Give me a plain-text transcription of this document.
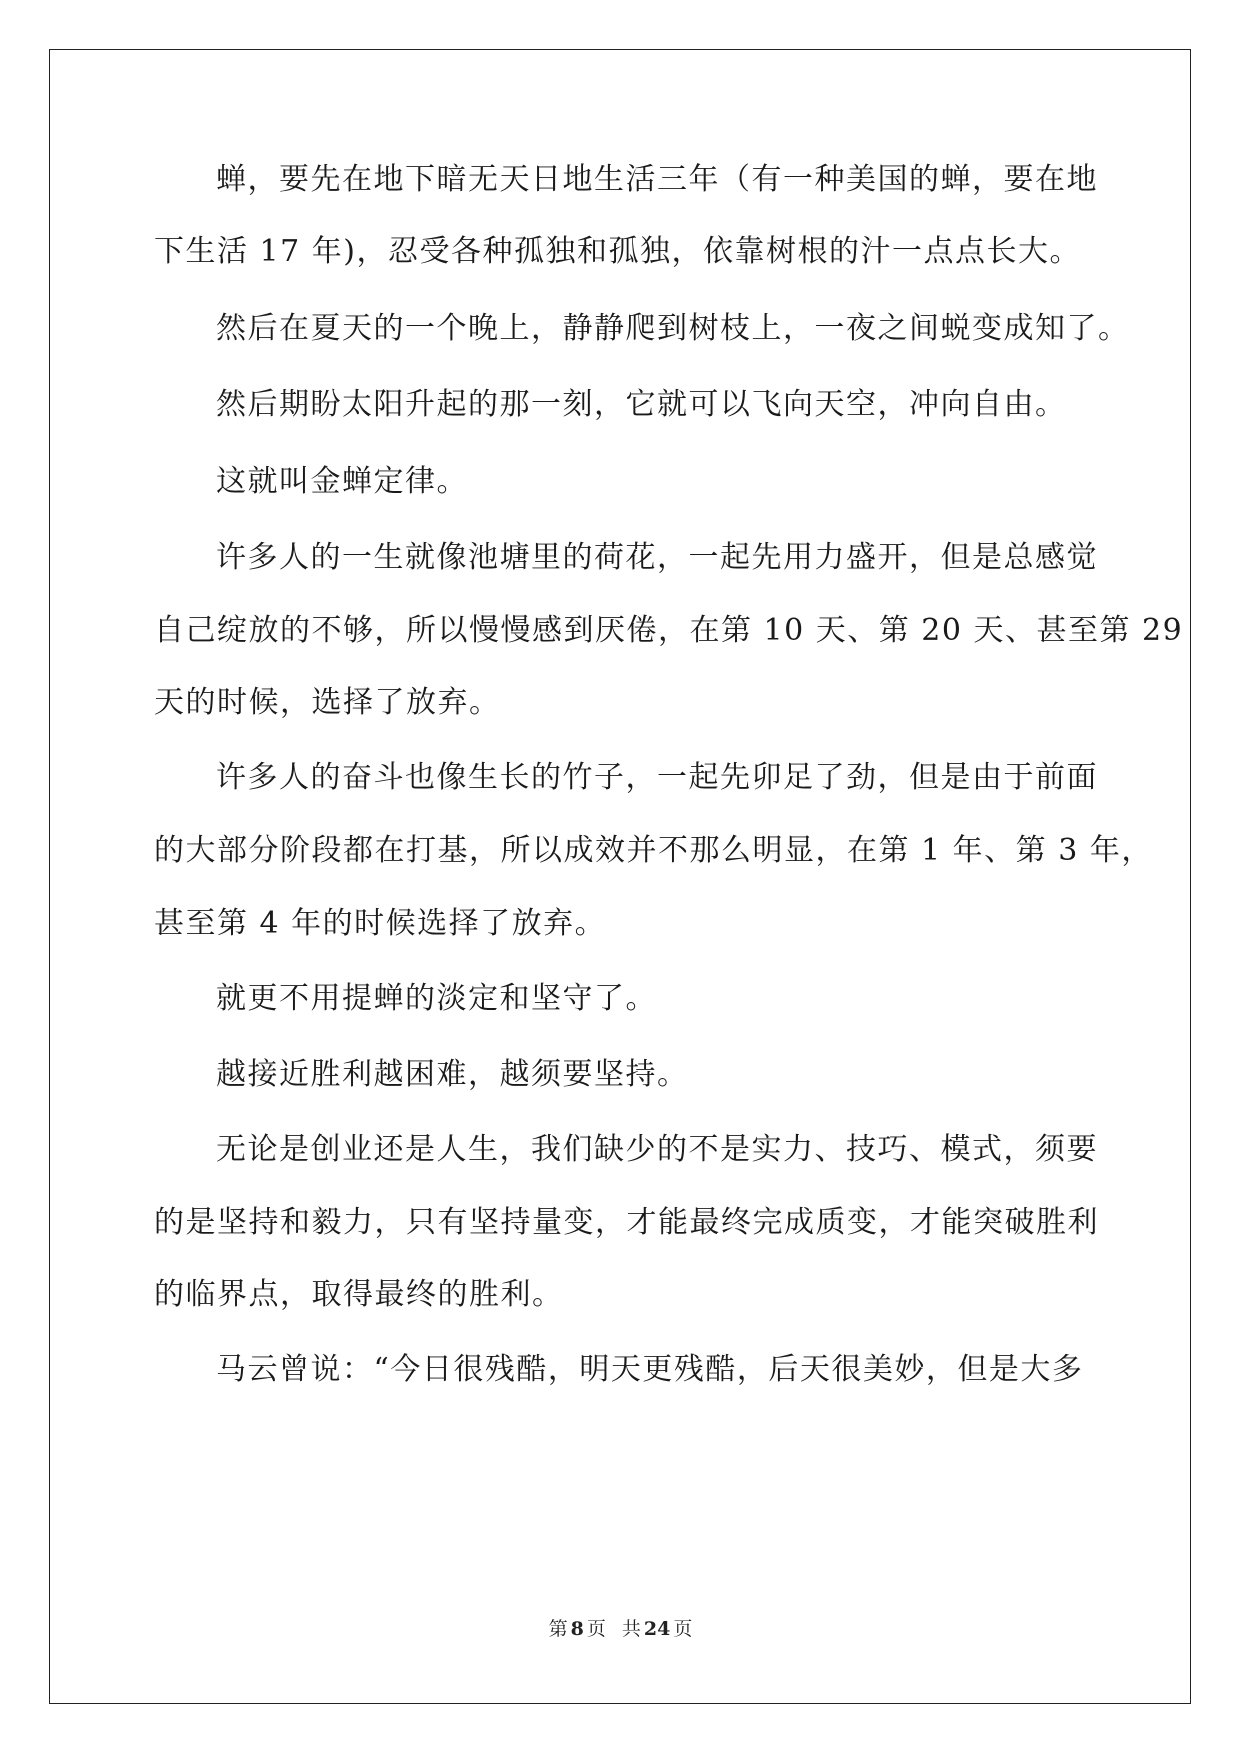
蝉，要先在地下暗无天日地生活三年（有一种美国的蝉，要在地
下生活 17 年)，忍受各种孤独和孤独，依靠树根的汁一点点长大。
然后在夏天的一个晚上，静静爬到树枝上，一夜之间蜕变成知了。
然后期盼太阳升起的那一刻，它就可以飞向天空，冲向自由。
这就叫金蝉定律。
许多人的一生就像池塘里的荷花，一起先用力盛开，但是总感觉
自己绽放的不够，所以慢慢感到厌倦，在第 10 天、第 20 天、甚至第 29
天的时候，选择了放弃。
许多人的奋斗也像生长的竹子，一起先卯足了劲，但是由于前面
的大部分阶段都在打基，所以成效并不那么明显，在第 1 年、第 3 年，
甚至第 4 年的时候选择了放弃。
就更不用提蝉的淡定和坚守了。
越接近胜利越困难，越须要坚持。
无论是创业还是人生，我们缺少的不是实力、技巧、模式，须要
的是坚持和毅力，只有坚持量变，才能最终完成质变，才能突破胜利
的临界点，取得最终的胜利。
马云曾说：“今日很残酷，明天更残酷，后天很美妙，但是大多
第 8 页 共 24 页
